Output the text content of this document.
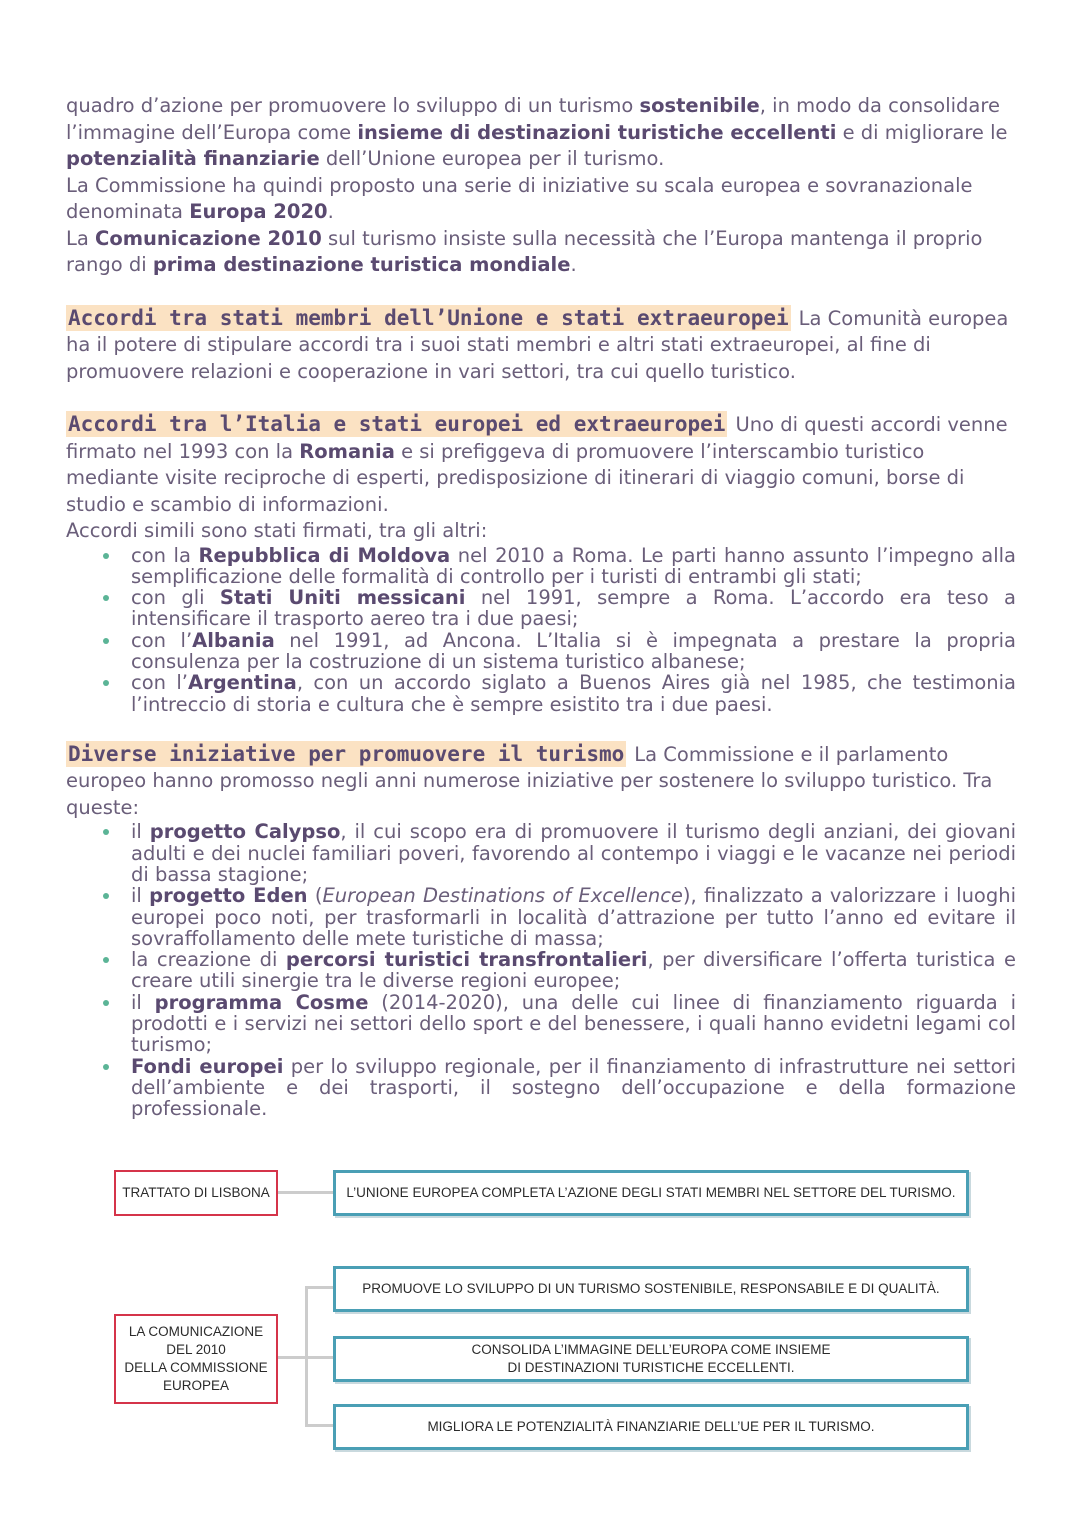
quadro d’azione per promuovere lo sviluppo di un turismo sostenibile, in modo da consolidare l’immagine dell’Europa come insieme di destinazioni turistiche eccellenti e di migliorare le potenzialità finanziarie dell’Unione europea per il turismo.

La Commissione ha quindi proposto una serie di iniziative su scala europea e sovranazionale denominata Europa 2020.

La Comunicazione 2010 sul turismo insiste sulla necessità che l’Europa mantenga il proprio rango di prima destinazione turistica mondiale.

Accordi tra stati membri dell’Unione e stati extraeuropei La Comunità europea ha il potere di stipulare accordi tra i suoi stati membri e altri stati extraeuropei, al fine di promuovere relazioni e cooperazione in vari settori, tra cui quello turistico.

Accordi tra l’Italia e stati europei ed extraeuropei Uno di questi accordi venne firmato nel 1993 con la Romania e si prefiggeva di promuovere l’interscambio turistico mediante visite reciproche di esperti, predisposizione di itinerari di viaggio comuni, borse di studio e scambio di informazioni.

Accordi simili sono stati firmati, tra gli altri:

con la Repubblica di Moldova nel 2010 a Roma. Le parti hanno assunto l’impegno alla semplificazione delle formalità di controllo per i turisti di entrambi gli stati;
con gli Stati Uniti messicani nel 1991, sempre a Roma. L’accordo era teso a intensificare il trasporto aereo tra i due paesi;
con l’Albania nel 1991, ad Ancona. L’Italia si è impegnata a prestare la propria consulenza per la costruzione di un sistema turistico albanese;
con l’Argentina, con un accordo siglato a Buenos Aires già nel 1985, che testimonia l’intreccio di storia e cultura che è sempre esistito tra i due paesi.

Diverse iniziative per promuovere il turismo La Commissione e il parlamento europeo hanno promosso negli anni numerose iniziative per sostenere lo sviluppo turistico. Tra queste:

il progetto Calypso, il cui scopo era di promuovere il turismo degli anziani, dei giovani adulti e dei nuclei familiari poveri, favorendo al contempo i viaggi e le vacanze nei periodi di bassa stagione;
il progetto Eden (European Destinations of Excellence), finalizzato a valorizzare i luoghi europei poco noti, per trasformarli in località d’attrazione per tutto l’anno ed evitare il sovraffollamento delle mete turistiche di massa;
la creazione di percorsi turistici transfrontalieri, per diversificare l’offerta turistica e creare utili sinergie tra le diverse regioni europee;
il programma Cosme (2014-2020), una delle cui linee di finanziamento riguarda i prodotti e i servizi nei settori dello sport e del benessere, i quali hanno evidetni legami col turismo;
Fondi europei per lo sviluppo regionale, per il finanziamento di infrastrutture nei settori dell’ambiente e dei trasporti, il sostegno dell’occupazione e della formazione professionale.
TRATTATO DI LISBONA	L’UNIONE EUROPEA COMPLETA L’AZIONE DEGLI STATI MEMBRI NEL SETTORE DEL TURISMO.
LA COMUNICAZIONE
DEL 2010
DELLA COMMISSIONE
EUROPEA
PROMUOVE LO SVILUPPO DI UN TURISMO SOSTENIBILE, RESPONSABILE E DI QUALITÀ.
CONSOLIDA L’IMMAGINE DELL’EUROPA COME INSIEME
DI DESTINAZIONI TURISTICHE ECCELLENTI.
MIGLIORA LE POTENZIALITÀ FINANZIARIE DELL’UE PER IL TURISMO.
